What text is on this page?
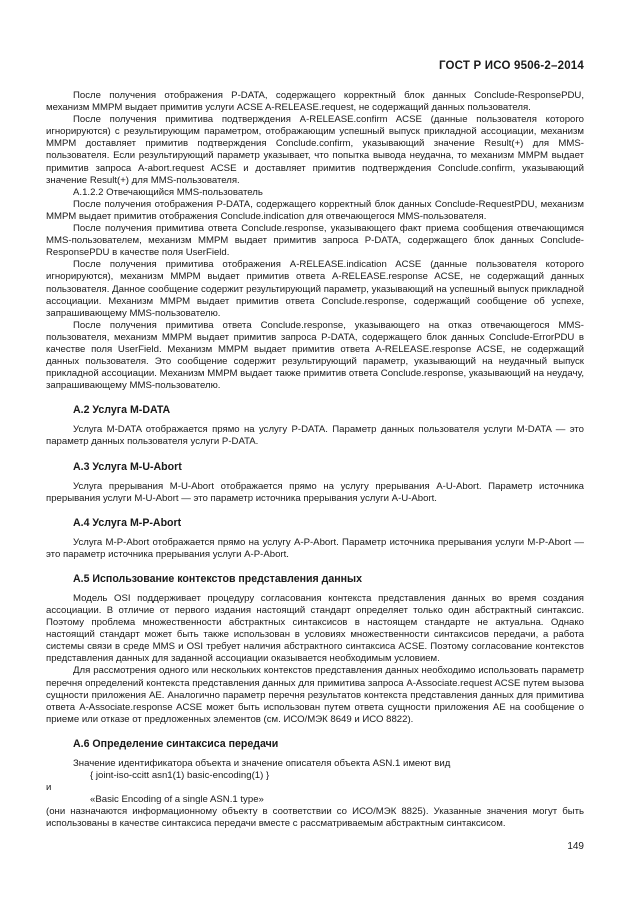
ГОСТ Р ИСО 9506-2–2014

После получения отображения P-DATA, содержащего корректный блок данных Conclude-ResponsePDU, механизм ММРМ выдает примитив услуги ACSE A-RELEASE.request, не содержащий данных пользователя.

После получения примитива подтверждения A-RELEASE.confirm ACSE (данные пользователя которого игнорируются) с результирующим параметром, отображающим успешный выпуск прикладной ассоциации, механизм ММРМ доставляет примитив подтверждения Conclude.confirm, указывающий значение Result(+) для MMS-пользователя. Если результирующий параметр указывает, что попытка вывода неудачна, то механизм ММРМ выдает примитив запроса A-abort.request ACSE и доставляет примитив подтверждения Conclude.confirm, указывающий значение Result(+) для MMS-пользователя.

А.1.2.2 Отвечающийся MMS-пользователь

После получения отображения P-DATA, содержащего корректный блок данных Conclude-RequestPDU, механизм ММРМ выдает примитив отображения Conclude.indication для отвечающегося MMS-пользователя.

После получения примитива ответа Conclude.response, указывающего факт приема сообщения отвечающимся MMS-пользователем, механизм ММРМ выдает примитив запроса P-DATA, содержащего блок данных Conclude-ResponsePDU в качестве поля UserField.

После получения примитива отображения A-RELEASE.indication ACSE (данные пользователя которого игнорируются), механизм ММРМ выдает примитив ответа A-RELEASE.response ACSE, не содержащий данных пользователя. Данное сообщение содержит результирующий параметр, указывающий на успешный выпуск прикладной ассоциации. Механизм ММРМ выдает примитив ответа Conclude.response, содержащий сообщение об успехе, запрашивающему MMS-пользователю.

После получения примитива ответа Conclude.response, указывающего на отказ отвечающегося MMS-пользователя, механизм ММРМ выдает примитив запроса P-DATA, содержащего блок данных Conclude-ErrorPDU в качестве поля UserField. Механизм ММРМ выдает примитив ответа A-RELEASE.response ACSE, не содержащий данных пользователя. Это сообщение содержит результирующий параметр, указывающий на неудачный выпуск прикладной ассоциации. Механизм ММРМ выдает также примитив ответа Conclude.response, указывающий на неудачу, запрашивающему MMS-пользователю.

А.2 Услуга M-DATA

Услуга M-DATA отображается прямо на услугу P-DATA. Параметр данных пользователя услуги M-DATA — это параметр данных пользователя услуги P-DATA.

А.3 Услуга M-U-Abort

Услуга прерывания M-U-Abort отображается прямо на услугу прерывания A-U-Abort. Параметр источника прерывания услуги M-U-Abort — это параметр источника прерывания услуги A-U-Abort.

А.4 Услуга M-P-Abort

Услуга M-P-Abort отображается прямо на услугу A-P-Abort. Параметр источника прерывания услуги M-P-Abort — это параметр источника прерывания услуги A-P-Abort.

А.5 Использование контекстов представления данных

Модель OSI поддерживает процедуру согласования контекста представления данных во время создания ассоциации. В отличие от первого издания настоящий стандарт определяет только один абстрактный синтаксис. Поэтому проблема множественности абстрактных синтаксисов в настоящем стандарте не актуальна. Однако настоящий стандарт может быть также использован в условиях множественности синтаксисов передачи, а работа системы связи в среде MMS и OSI требует наличия абстрактного синтаксиса ACSE. Поэтому согласование контекстов представления данных для заданной ассоциации оказывается необходимым условием.

Для рассмотрения одного или нескольких контекстов представления данных необходимо использовать параметр перечня определений контекста представления данных для примитива запроса A-Associate.request ACSE путем вызова сущности приложения AE. Аналогично параметр перечня результатов контекста представления данных для примитива ответа A-Associate.response ACSE может быть использован путем ответа сущности приложения AE на сообщение о приеме или отказе от предложенных элементов (см. ИСО/МЭК 8649 и ИСО 8822).

А.6 Определение синтаксиса передачи

Значение идентификатора объекта и значение описателя объекта ASN.1 имеют вид

{ joint-iso-ccitt asn1(1) basic-encoding(1) }

и

«Basic Encoding of a single ASN.1 type»

(они назначаются информационному объекту в соответствии со ИСО/МЭК 8825). Указанные значения могут быть использованы в качестве синтаксиса передачи вместе с рассматриваемым абстрактным синтаксисом.

149
